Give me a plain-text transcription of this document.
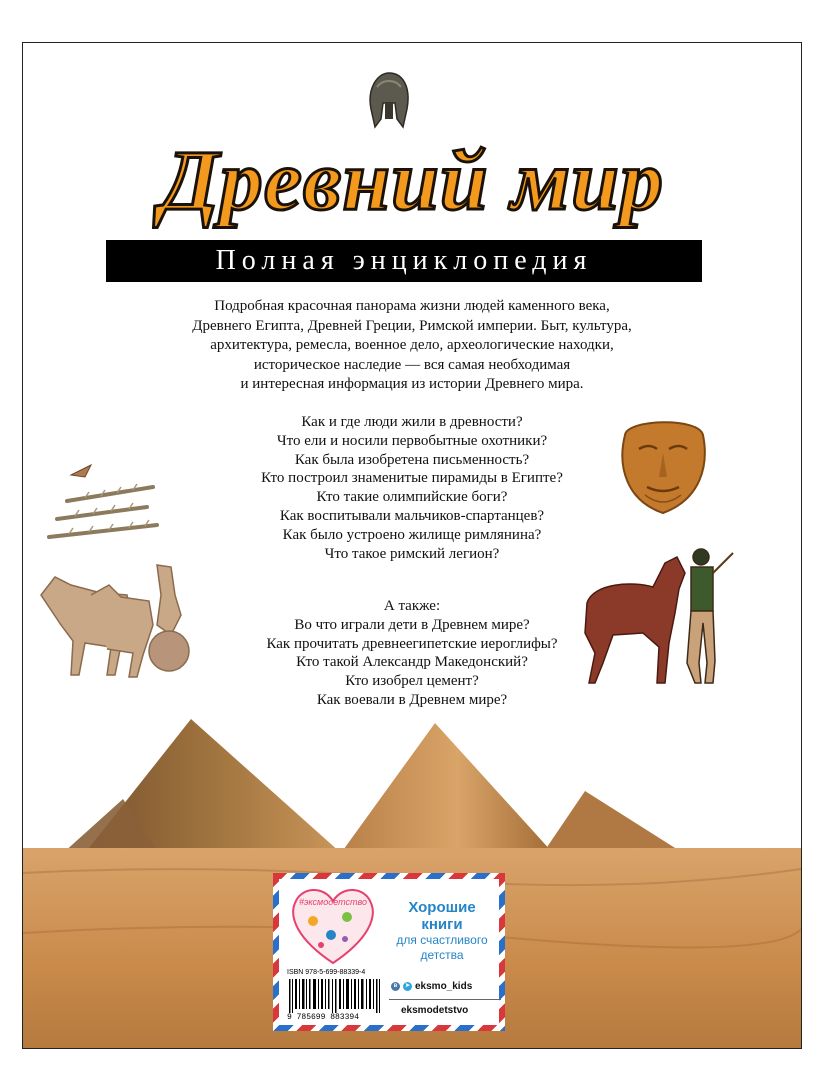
Древний мир
Полная энциклопедия
Подробная красочная панорама жизни людей каменного века,
Древнего Египта, Древней Греции, Римской империи. Быт, культура,
архитектура, ремесла, военное дело, археологические находки,
историческое наследие — вся самая необходимая
и интересная информация из истории Древнего мира.
Как и где люди жили в древности?
Что ели и носили первобытные охотники?
Как была изобретена письменность?
Кто построил знаменитые пирамиды в Египте?
Кто такие олимпийские боги?
Как воспитывали мальчиков-спартанцев?
Как было устроено жилище римлянина?
Что такое римский легион?
А также:
Во что играли дети в Древнем мире?
Как прочитать древнеегипетские иероглифы?
Кто такой Александр Македонский?
Кто изобрел цемент?
Как воевали в Древнем мире?
#эксмодетство	Хорошие
книги
для счастливого
детства
ISBN 978-5-699-88339-4
9 785699 883394
в	➤ eksmo_kids
eksmodetstvo
